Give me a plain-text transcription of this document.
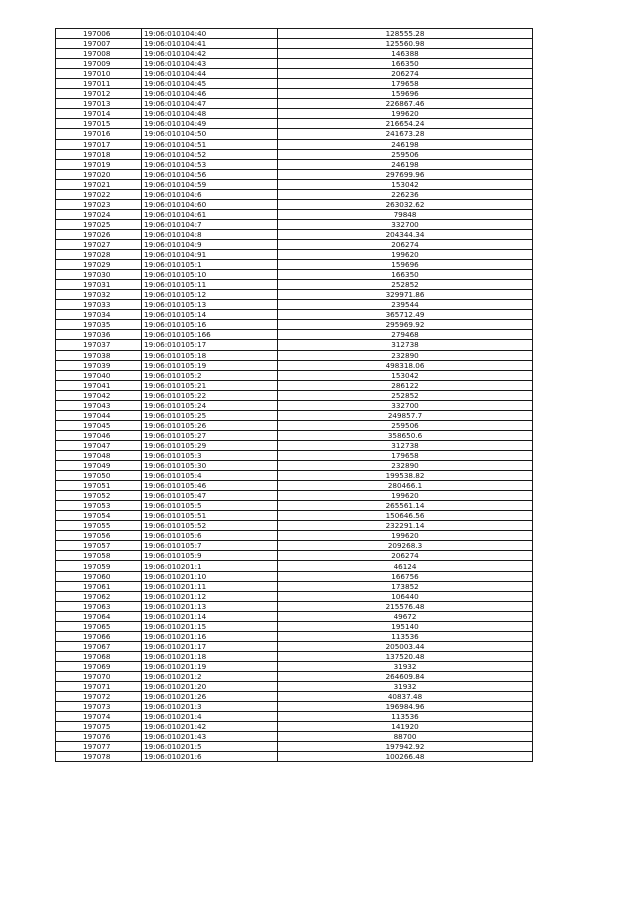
197006	19:06:010104:40	128555.28
197007	19:06:010104:41	125560.98
197008	19:06:010104:42	146388
197009	19:06:010104:43	166350
197010	19:06:010104:44	206274
197011	19:06:010104:45	179658
197012	19:06:010104:46	159696
197013	19:06:010104:47	226867.46
197014	19:06:010104:48	199620
197015	19:06:010104:49	216654.24
197016	19:06:010104:50	241673.28
197017	19:06:010104:51	246198
197018	19:06:010104:52	259506
197019	19:06:010104:53	246198
197020	19:06:010104:56	297699.96
197021	19:06:010104:59	153042
197022	19:06:010104:6	226236
197023	19:06:010104:60	263032.62
197024	19:06:010104:61	79848
197025	19:06:010104:7	332700
197026	19:06:010104:8	204344.34
197027	19:06:010104:9	206274
197028	19:06:010104:91	199620
197029	19:06:010105:1	159696
197030	19:06:010105:10	166350
197031	19:06:010105:11	252852
197032	19:06:010105:12	329971.86
197033	19:06:010105:13	239544
197034	19:06:010105:14	365712.49
197035	19:06:010105:16	295969.92
197036	19:06:010105:166	279468
197037	19:06:010105:17	312738
197038	19:06:010105:18	232890
197039	19:06:010105:19	498318.06
197040	19:06:010105:2	153042
197041	19:06:010105:21	286122
197042	19:06:010105:22	252852
197043	19:06:010105:24	332700
197044	19:06:010105:25	249857.7
197045	19:06:010105:26	259506
197046	19:06:010105:27	358650.6
197047	19:06:010105:29	312738
197048	19:06:010105:3	179658
197049	19:06:010105:30	232890
197050	19:06:010105:4	199538.82
197051	19:06:010105:46	280466.1
197052	19:06:010105:47	199620
197053	19:06:010105:5	265561.14
197054	19:06:010105:51	150646.56
197055	19:06:010105:52	232291.14
197056	19:06:010105:6	199620
197057	19:06:010105:7	209268.3
197058	19:06:010105:9	206274
197059	19:06:010201:1	46124
197060	19:06:010201:10	166756
197061	19:06:010201:11	173852
197062	19:06:010201:12	106440
197063	19:06:010201:13	215576.48
197064	19:06:010201:14	49672
197065	19:06:010201:15	195140
197066	19:06:010201:16	113536
197067	19:06:010201:17	205003.44
197068	19:06:010201:18	137520.48
197069	19:06:010201:19	31932
197070	19:06:010201:2	264609.84
197071	19:06:010201:20	31932
197072	19:06:010201:26	40837.48
197073	19:06:010201:3	196984.96
197074	19:06:010201:4	113536
197075	19:06:010201:42	141920
197076	19:06:010201:43	88700
197077	19:06:010201:5	197942.92
197078	19:06:010201:6	100266.48
